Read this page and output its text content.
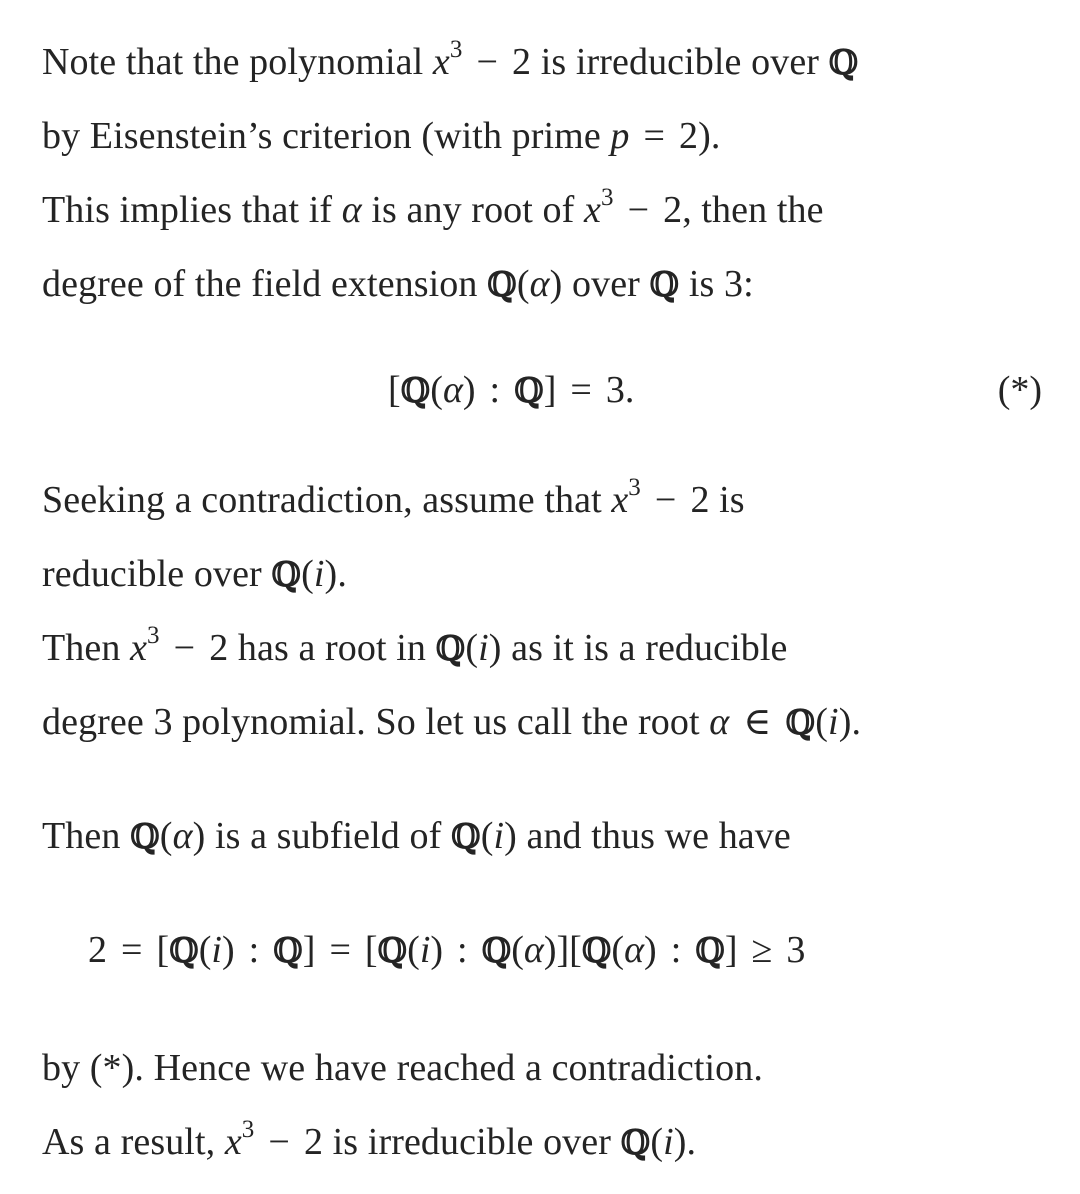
Note that the polynomial $x^3 - 2$ is irreducible over ℚ
by Eisenstein’s criterion (with prime p = 2).
This implies that if α is any root of $x^3 - 2$, then the
degree of the field extension ℚ(α) over ℚ is 3:
[ℚ(α) : ℚ] = 3.	(*)
Seeking a contradiction, assume that $x^3 - 2$ is
reducible over ℚ(i).
Then $x^3 - 2$ has a root in ℚ(i) as it is a reducible
degree 3 polynomial. So let us call the root α ∈ ℚ(i).
Then ℚ(α) is a subfield of ℚ(i) and thus we have
2 = [ℚ(i) : ℚ] = [ℚ(i) : ℚ(α)][ℚ(α) : ℚ] ≥ 3
by (*). Hence we have reached a contradiction.
As a result, $x^3 - 2$ is irreducible over ℚ(i).
